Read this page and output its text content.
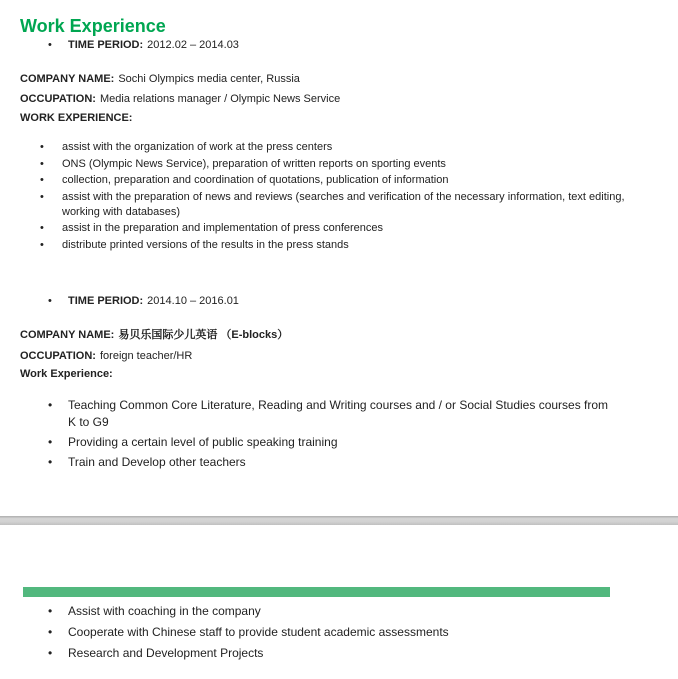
Work Experience
• TIME PERIOD: 2012.02 – 2014.03
COMPANY NAME: Sochi Olympics media center, Russia
OCCUPATION: Media relations manager / Olympic News Service
WORK EXPERIENCE:
• assist with the organization of work at the press centers
• ONS (Olympic News Service), preparation of written reports on sporting events
• collection, preparation and coordination of quotations, publication of information
• assist with the preparation of news and reviews (searches and verification of the necessary information, text editing, working with databases)
• assist in the preparation and implementation of press conferences
• distribute printed versions of the results in the press stands
• TIME PERIOD: 2014.10 – 2016.01
COMPANY NAME: 易贝乐国际少儿英语 （E-blocks）
OCCUPATION: foreign teacher/HR
Work Experience:
• Teaching Common Core Literature, Reading and Writing courses and / or Social Studies courses from K to G9
• Providing a certain level of public speaking training
• Train and Develop other teachers
• Assist with coaching in the company
• Cooperate with Chinese staff to provide student academic assessments
• Research and Development Projects
